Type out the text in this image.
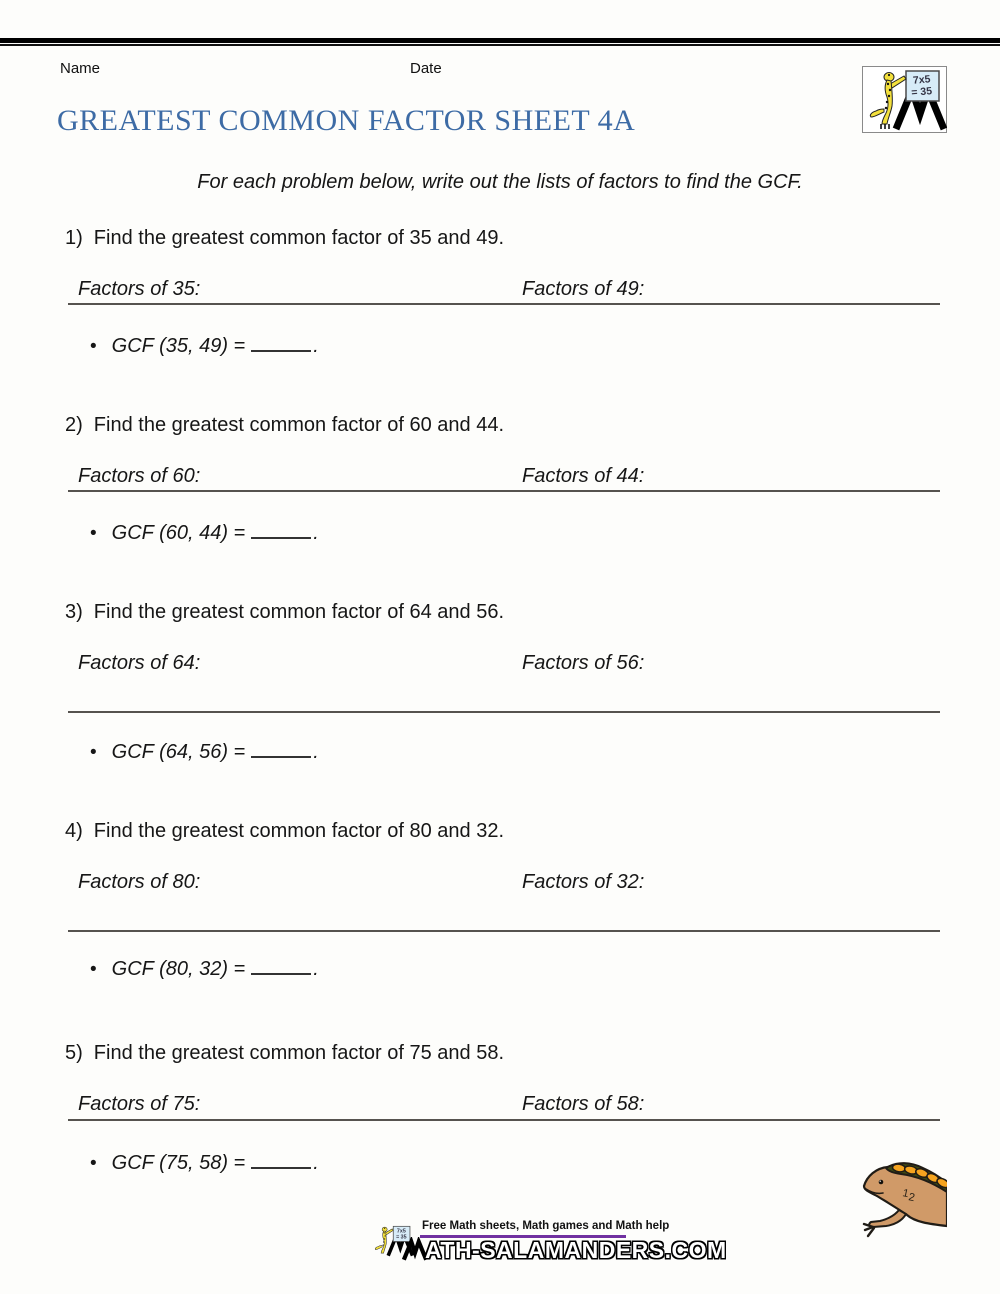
Name	Date
7x5
= 35
GREATEST COMMON FACTOR SHEET 4A
For each problem below, write out the lists of factors to find the GCF.
1) Find the greatest common factor of 35 and 49.
Factors of 35:	Factors of 49:
• GCF (35, 49) =	.
2) Find the greatest common factor of 60 and 44.
Factors of 60:	Factors of 44:
• GCF (60, 44) =	.
3) Find the greatest common factor of 64 and 56.
Factors of 64:	Factors of 56:
• GCF (64, 56) =	.
4) Find the greatest common factor of 80 and 32.
Factors of 80:	Factors of 32:
• GCF (80, 32) =	.
5) Find the greatest common factor of 75 and 58.
Factors of 75:	Factors of 58:
• GCF (75, 58) =	.
1
2
7x5
= 35
Free Math sheets, Math games and Math help
ATH-SALAMANDERS.COM
